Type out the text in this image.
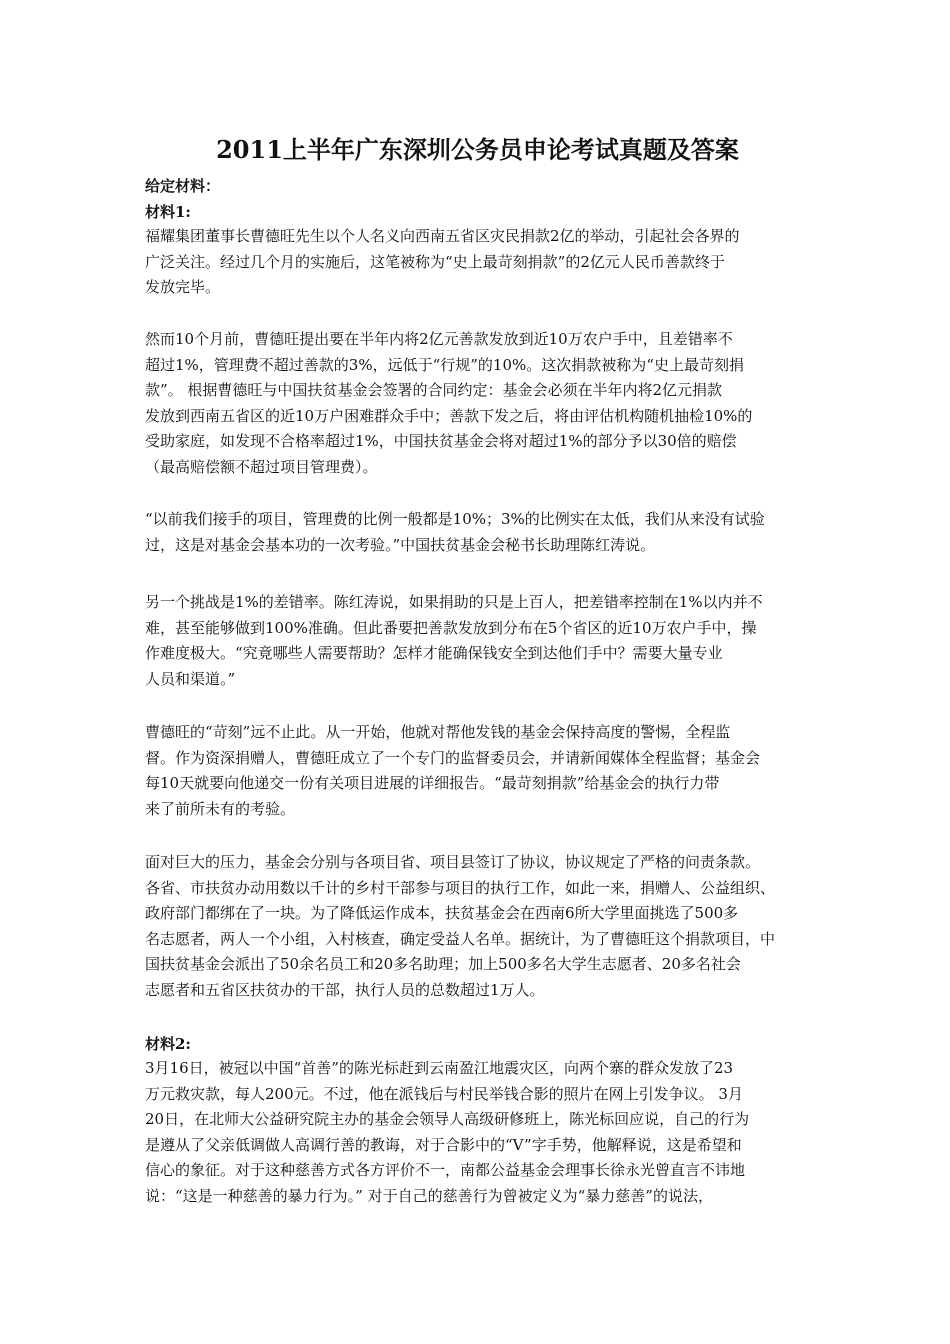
2011上半年广东深圳公务员申论考试真题及答案

给定材料：

材料1:

福耀集团董事长曹德旺先生以个人名义向西南五省区灾民捐款2亿的举动，引起社会各界的
广泛关注。经过几个月的实施后，这笔被称为“史上最苛刻捐款”的2亿元人民币善款终于
发放完毕。
然而10个月前，曹德旺提出要在半年内将2亿元善款发放到近10万农户手中，且差错率不
超过1%，管理费不超过善款的3%，远低于“行规”的10%。这次捐款被称为“史上最苛刻捐
款”。 根据曹德旺与中国扶贫基金会签署的合同约定：基金会必须在半年内将2亿元捐款
发放到西南五省区的近10万户困难群众手中；善款下发之后，将由评估机构随机抽检10%的
受助家庭，如发现不合格率超过1%，中国扶贫基金会将对超过1%的部分予以30倍的赔偿
（最高赔偿额不超过项目管理费）。
“以前我们接手的项目，管理费的比例一般都是10%；3%的比例实在太低，我们从来没有试验
过，这是对基金会基本功的一次考验。”中国扶贫基金会秘书长助理陈红涛说。
另一个挑战是1%的差错率。陈红涛说，如果捐助的只是上百人，把差错率控制在1%以内并不
难，甚至能够做到100%准确。但此番要把善款发放到分布在5个省区的近10万农户手中，操
作难度极大。“究竟哪些人需要帮助？怎样才能确保钱安全到达他们手中？需要大量专业
人员和渠道。”
曹德旺的“苛刻”远不止此。从一开始，他就对帮他发钱的基金会保持高度的警惕，全程监
督。作为资深捐赠人，曹德旺成立了一个专门的监督委员会，并请新闻媒体全程监督；基金会
每10天就要向他递交一份有关项目进展的详细报告。“最苛刻捐款”给基金会的执行力带
来了前所未有的考验。
面对巨大的压力，基金会分别与各项目省、项目县签订了协议，协议规定了严格的问责条款。
各省、市扶贫办动用数以千计的乡村干部参与项目的执行工作，如此一来，捐赠人、公益组织、
政府部门都绑在了一块。为了降低运作成本，扶贫基金会在西南6所大学里面挑选了500多
名志愿者，两人一个小组，入村核查，确定受益人名单。据统计，为了曹德旺这个捐款项目，中
国扶贫基金会派出了50余名员工和20多名助理；加上500多名大学生志愿者、20多名社会
志愿者和五省区扶贫办的干部，执行人员的总数超过1万人。

材料2:

3月16日，被冠以中国“首善”的陈光标赶到云南盈江地震灾区，向两个寨的群众发放了23
万元救灾款，每人200元。不过，他在派钱后与村民举钱合影的照片在网上引发争议。 3月
20日，在北师大公益研究院主办的基金会领导人高级研修班上，陈光标回应说，自己的行为
是遵从了父亲低调做人高调行善的教诲，对于合影中的“V”字手势，他解释说，这是希望和
信心的象征。对于这种慈善方式各方评价不一，南都公益基金会理事长徐永光曾直言不讳地
说：“这是一种慈善的暴力行为。” 对于自己的慈善行为曾被定义为“暴力慈善”的说法，
